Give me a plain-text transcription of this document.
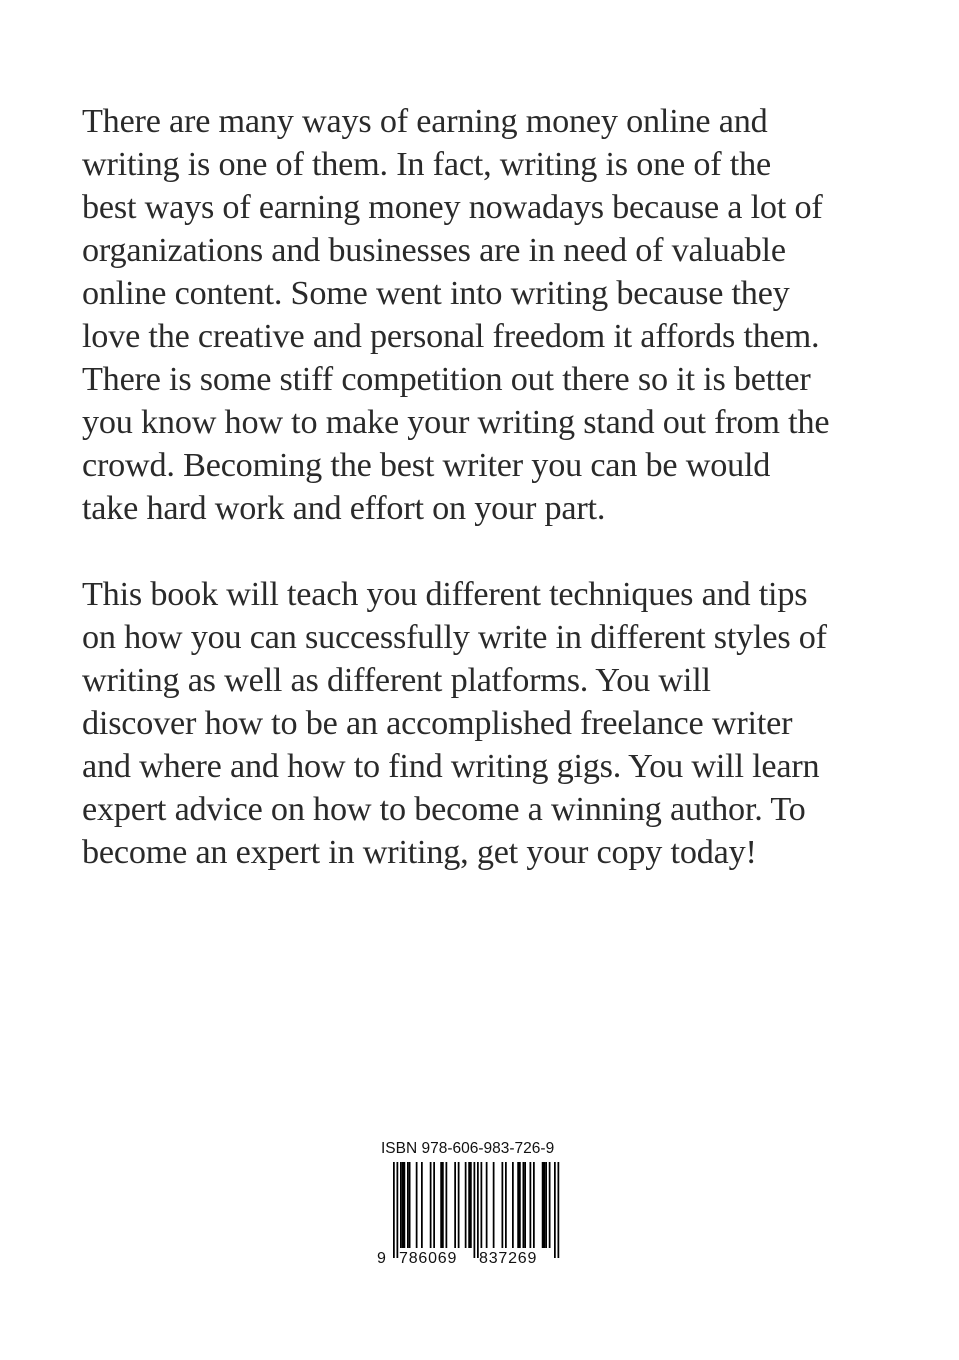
There are many ways of earning money online and
writing is one of them. In fact, writing is one of the
best ways of earning money nowadays because a lot of
organizations and businesses are in need of valuable
online content. Some went into writing because they
love the creative and personal freedom it affords them.
There is some stiff competition out there so it is better
you know how to make your writing stand out from the
crowd. Becoming the best writer you can be would
take hard work and effort on your part.

This book will teach you different techniques and tips
on how you can successfully write in different styles of
writing as well as different platforms. You will
discover how to be an accomplished freelance writer
and where and how to find writing gigs. You will learn
expert advice on how to become a winning author. To
become an expert in writing, get your copy today!

ISBN 978-606-983-726-9
9 786069 837269
